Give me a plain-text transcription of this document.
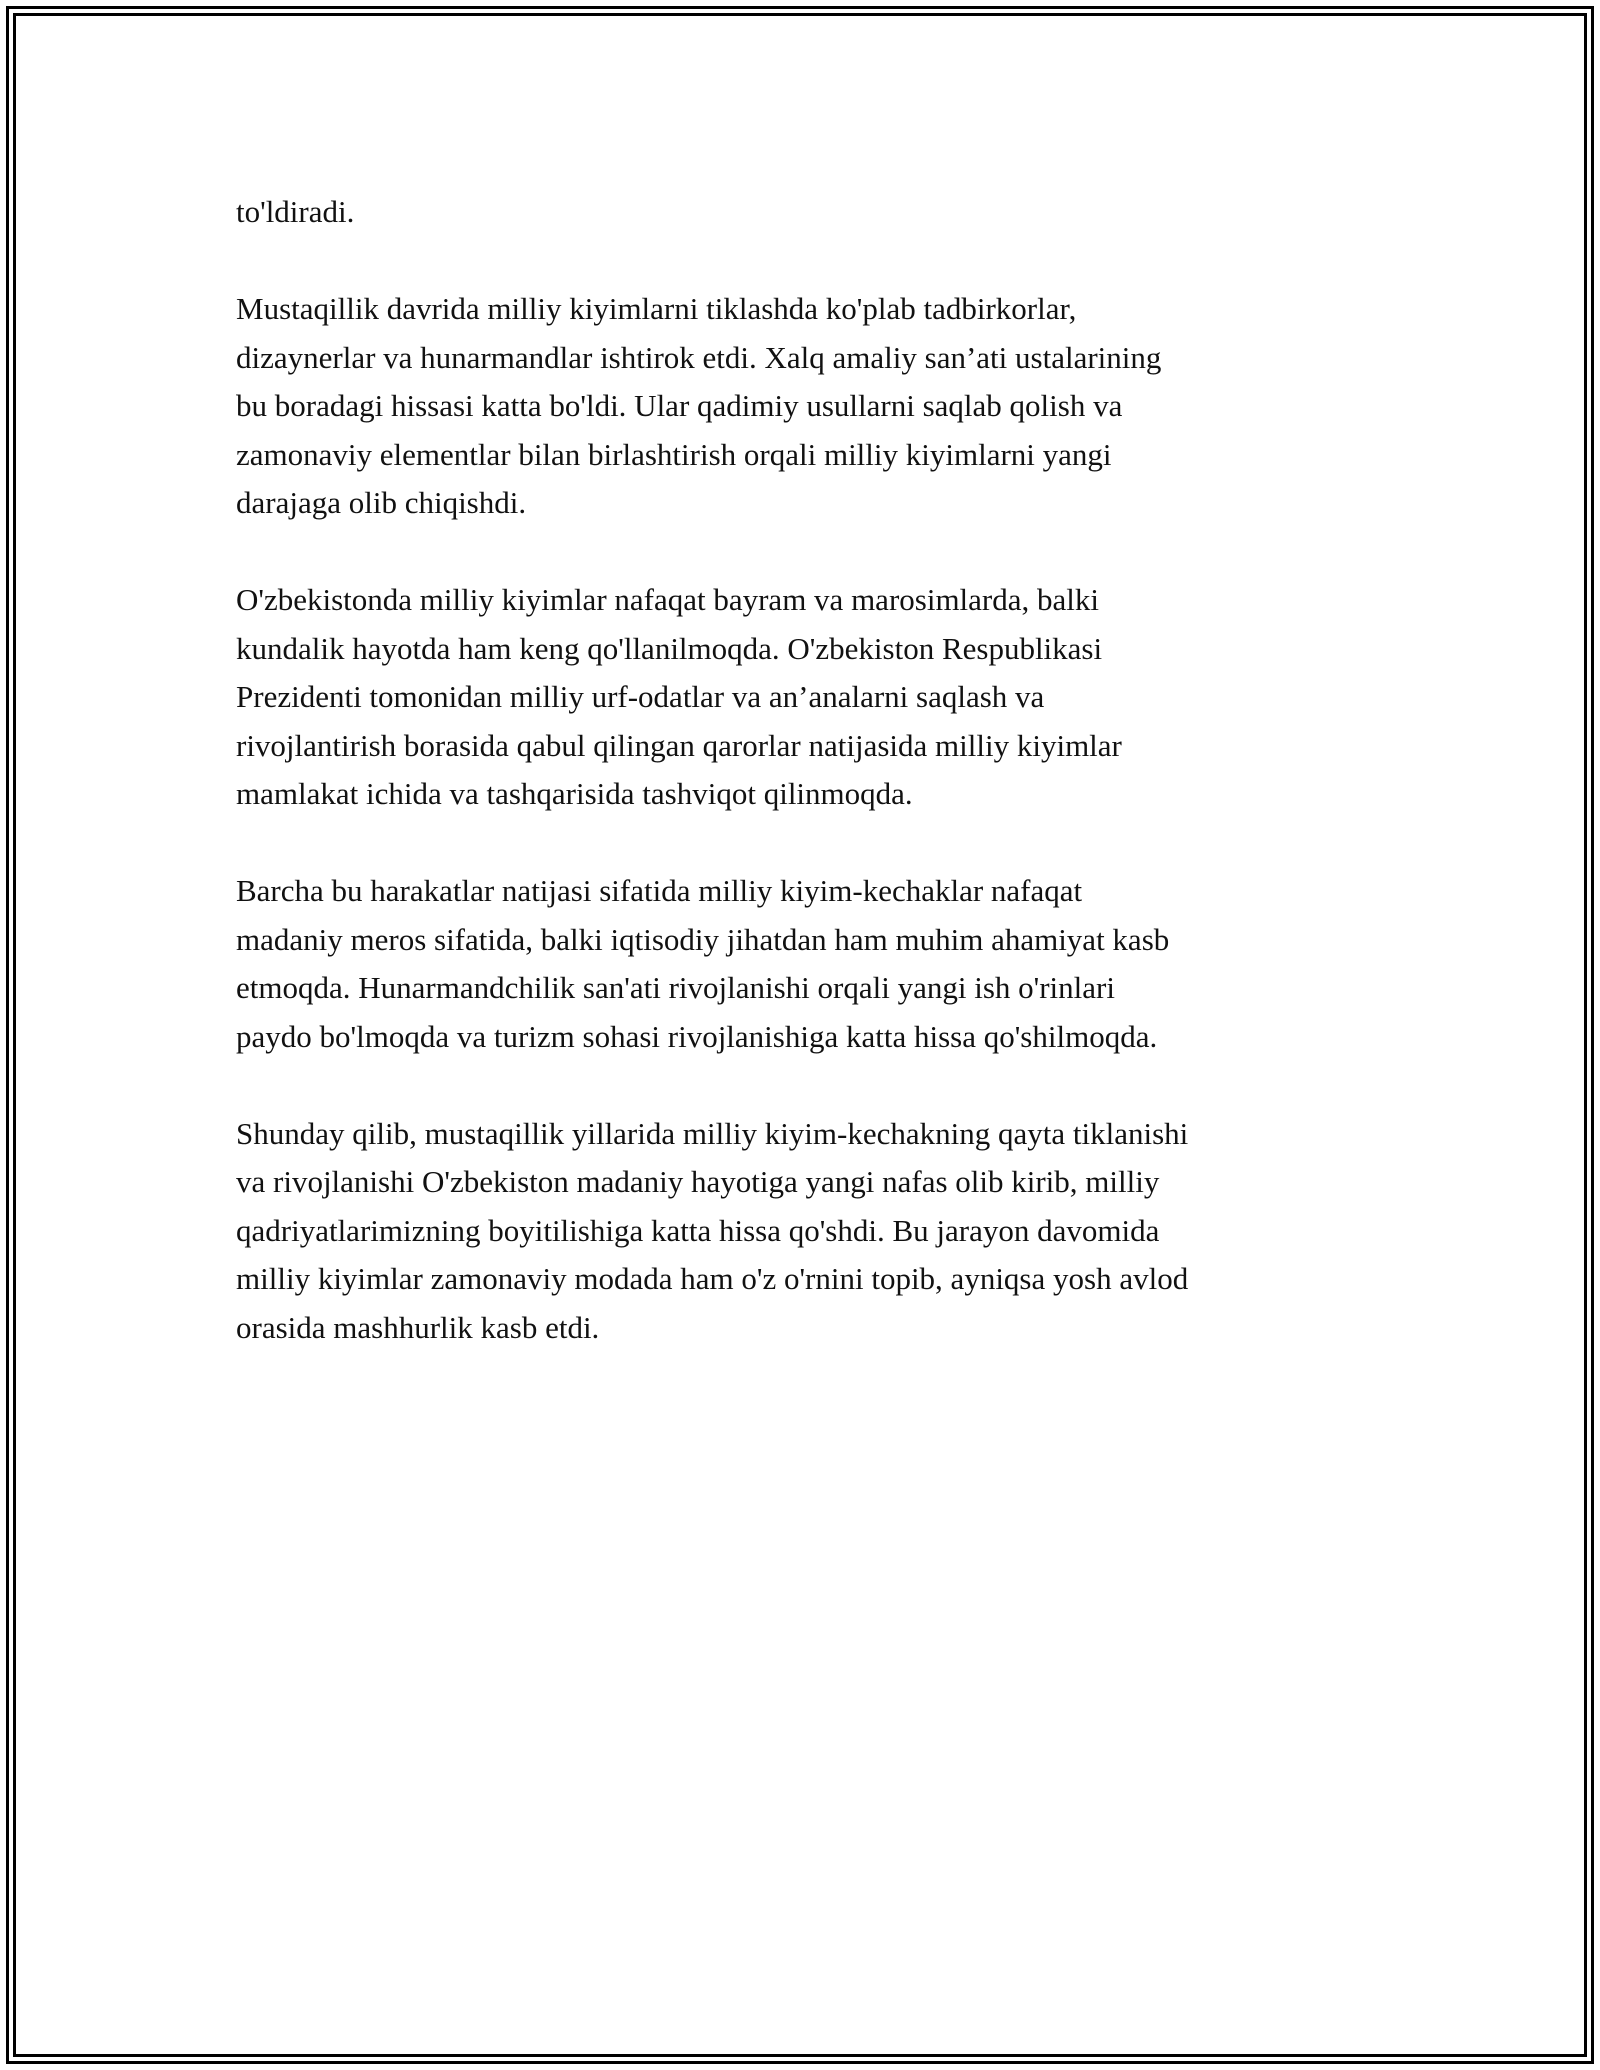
to'ldiradi.

Mustaqillik davrida milliy kiyimlarni tiklashda ko'plab tadbirkorlar,
dizaynerlar va hunarmandlar ishtirok etdi. Xalq amaliy san’ati ustalarining
bu boradagi hissasi katta bo'ldi. Ular qadimiy usullarni saqlab qolish va
zamonaviy elementlar bilan birlashtirish orqali milliy kiyimlarni yangi
darajaga olib chiqishdi.

O'zbekistonda milliy kiyimlar nafaqat bayram va marosimlarda, balki
kundalik hayotda ham keng qo'llanilmoqda. O'zbekiston Respublikasi
Prezidenti tomonidan milliy urf-odatlar va an’analarni saqlash va
rivojlantirish borasida qabul qilingan qarorlar natijasida milliy kiyimlar
mamlakat ichida va tashqarisida tashviqot qilinmoqda.

Barcha bu harakatlar natijasi sifatida milliy kiyim-kechaklar nafaqat
madaniy meros sifatida, balki iqtisodiy jihatdan ham muhim ahamiyat kasb
etmoqda. Hunarmandchilik san'ati rivojlanishi orqali yangi ish o'rinlari
paydo bo'lmoqda va turizm sohasi rivojlanishiga katta hissa qo'shilmoqda.

Shunday qilib, mustaqillik yillarida milliy kiyim-kechakning qayta tiklanishi
va rivojlanishi O'zbekiston madaniy hayotiga yangi nafas olib kirib, milliy
qadriyatlarimizning boyitilishiga katta hissa qo'shdi. Bu jarayon davomida
milliy kiyimlar zamonaviy modada ham o'z o'rnini topib, ayniqsa yosh avlod
orasida mashhurlik kasb etdi.
